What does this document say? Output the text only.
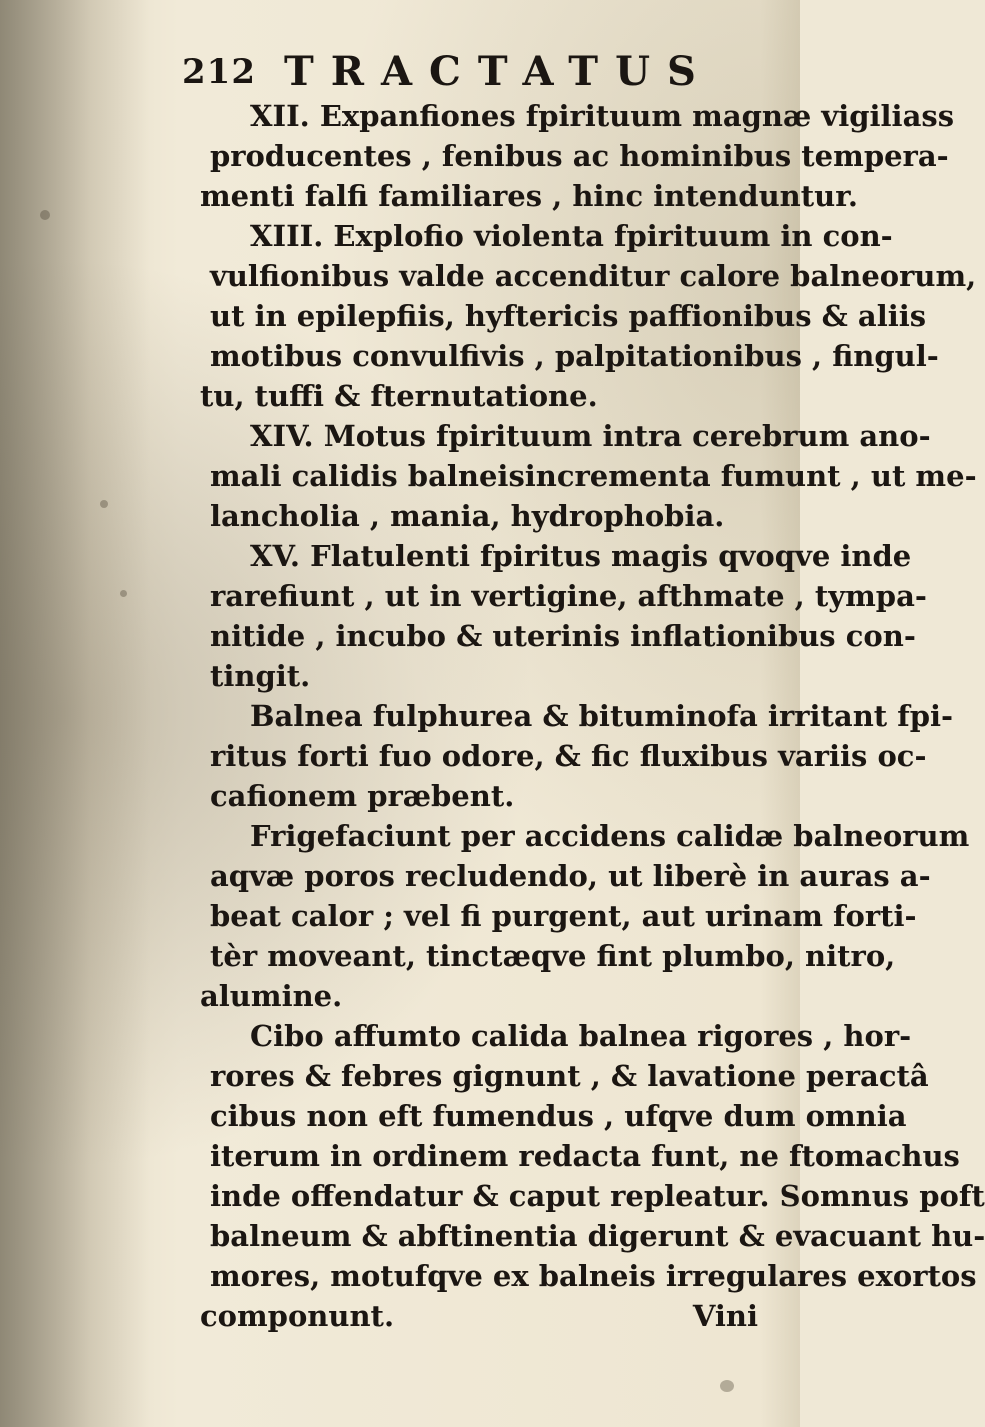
212 TRACTATUS
XII. Expanfiones fpirituum magnæ vigiliass
producentes , fenibus ac hominibus tempera-
menti falfi familiares , hinc intenduntur.
XIII. Explofio violenta fpirituum in con-
vulfionibus valde accenditur calore balneorum,
ut in epilepfiis, hyftericis paffionibus & aliis
motibus convulfivis , palpitationibus , fingul-
tu, tuffi & fternutatione.
XIV. Motus fpirituum intra cerebrum ano-
mali calidis balneisincrementa fumunt , ut me-
lancholia , mania, hydrophobia.
XV. Flatulenti fpiritus magis qvoqve inde
rarefiunt , ut in vertigine, afthmate , tympa-
nitide , incubo & uterinis inflationibus con-
tingit.
Balnea fulphurea & bituminofa irritant fpi-
ritus forti fuo odore, & fic fluxibus variis oc-
cafionem præbent.
Frigefaciunt per accidens calidæ balneorum
aqvæ poros recludendo, ut liberè in auras a-
beat calor ; vel fi purgent, aut urinam forti-
tèr moveant, tinctæqve fint plumbo, nitro,
alumine.
Cibo affumto calida balnea rigores , hor-
rores & febres gignunt , & lavatione peractâ
cibus non eft fumendus , ufqve dum omnia
iterum in ordinem redacta funt, ne ftomachus
inde offendatur & caput repleatur. Somnus poft
balneum & abftinentia digerunt & evacuant hu-
mores, motufqve ex balneis irregulares exortos
componunt.	Vini
